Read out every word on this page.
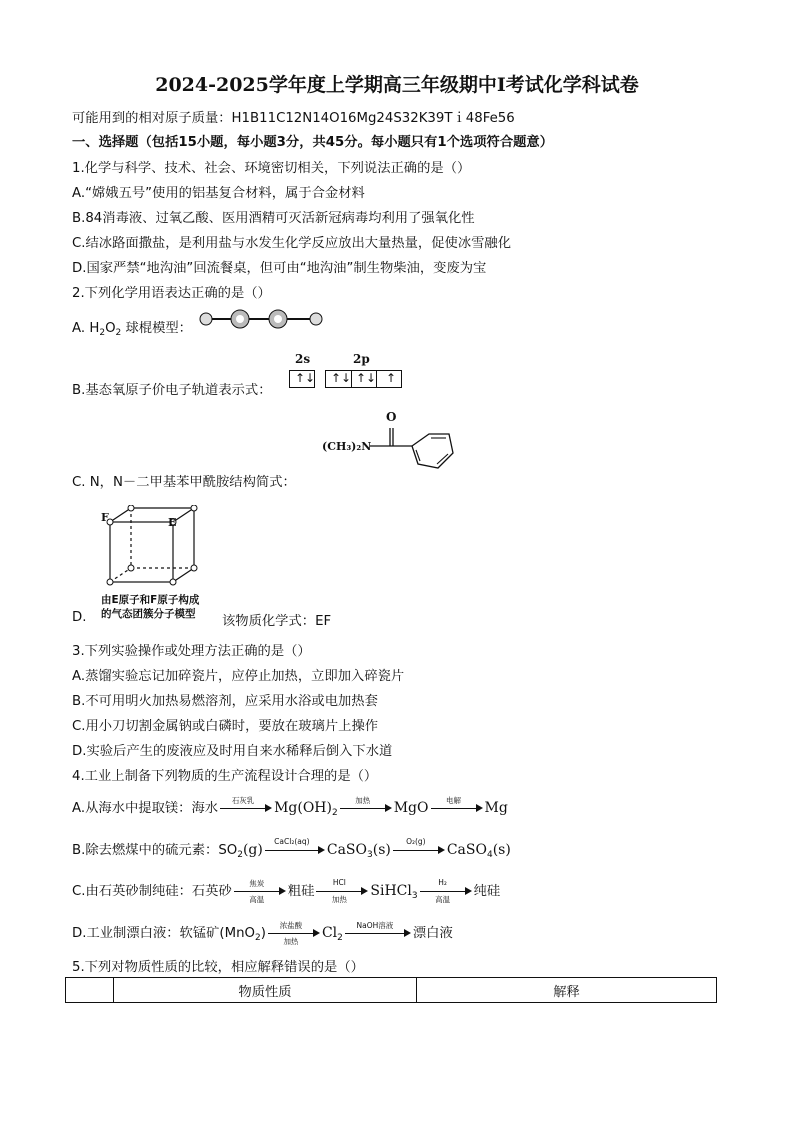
2024-2025学年度上学期高三年级期中Ⅰ考试化学科试卷
可能用到的相对原子质量：H1B11C12N14O16Mg24S32K39Tｉ48Fe56
一、选择题（包括15小题，每小题3分，共45分。每小题只有1个选项符合题意）
1.化学与科学、技术、社会、环境密切相关，下列说法正确的是（）
A.“嫦娥五号”使用的铝基复合材料，属于合金材料
B.84消毒液、过氧乙酸、医用酒精可灭活新冠病毒均利用了强氧化性
C.结冰路面撒盐，是利用盐与水发生化学反应放出大量热量，促使冰雪融化
D.国家严禁“地沟油”回流餐桌，但可由“地沟油”制生物柴油，变废为宝
2.下列化学用语表达正确的是（）
A. $H_2O_2$ 球棍模型：
B.基态氧原子价电子轨道表示式：
2s	2p
↑↓ ↑↓ ↑↓ ↑
C. N，N－二甲基苯甲酰胺结构简式：
(CH₃)₂N
O
F	E
由E原子和F原子构成
的气态团簇分子模型
D.	该物质化学式：EF
3.下列实验操作或处理方法正确的是（）
A.蒸馏实验忘记加碎瓷片，应停止加热，立即加入碎瓷片
B.不可用明火加热易燃溶剂，应采用水浴或电加热套
C.用小刀切割金属钠或白磷时，要放在玻璃片上操作
D.实验后产生的废液应及时用自来水稀释后倒入下水道
4.工业上制备下列物质的生产流程设计合理的是（）
A.从海水中提取镁：海水
石灰乳	$Mg(OH)_2$
加热	MgO	电解	Mg
B.除去燃煤中的硫元素：$SO_2(g)$
CaCl₂(aq)
CaSO$_3$(s)
O₂(g)
CaSO$_4$(s)
C.由石英砂制纯硅：石英砂
焦炭
高温
粗硅
HCl
加热
SiHCl$_3$
H₂
高温
纯硅
D.工业制漂白液：软锰矿(MnO$_2$)
浓盐酸
加热
$Cl_2$
NaOH溶液
漂白液
5.下列对物质性质的比较，相应解释错误的是（）
	物质性质	解释
